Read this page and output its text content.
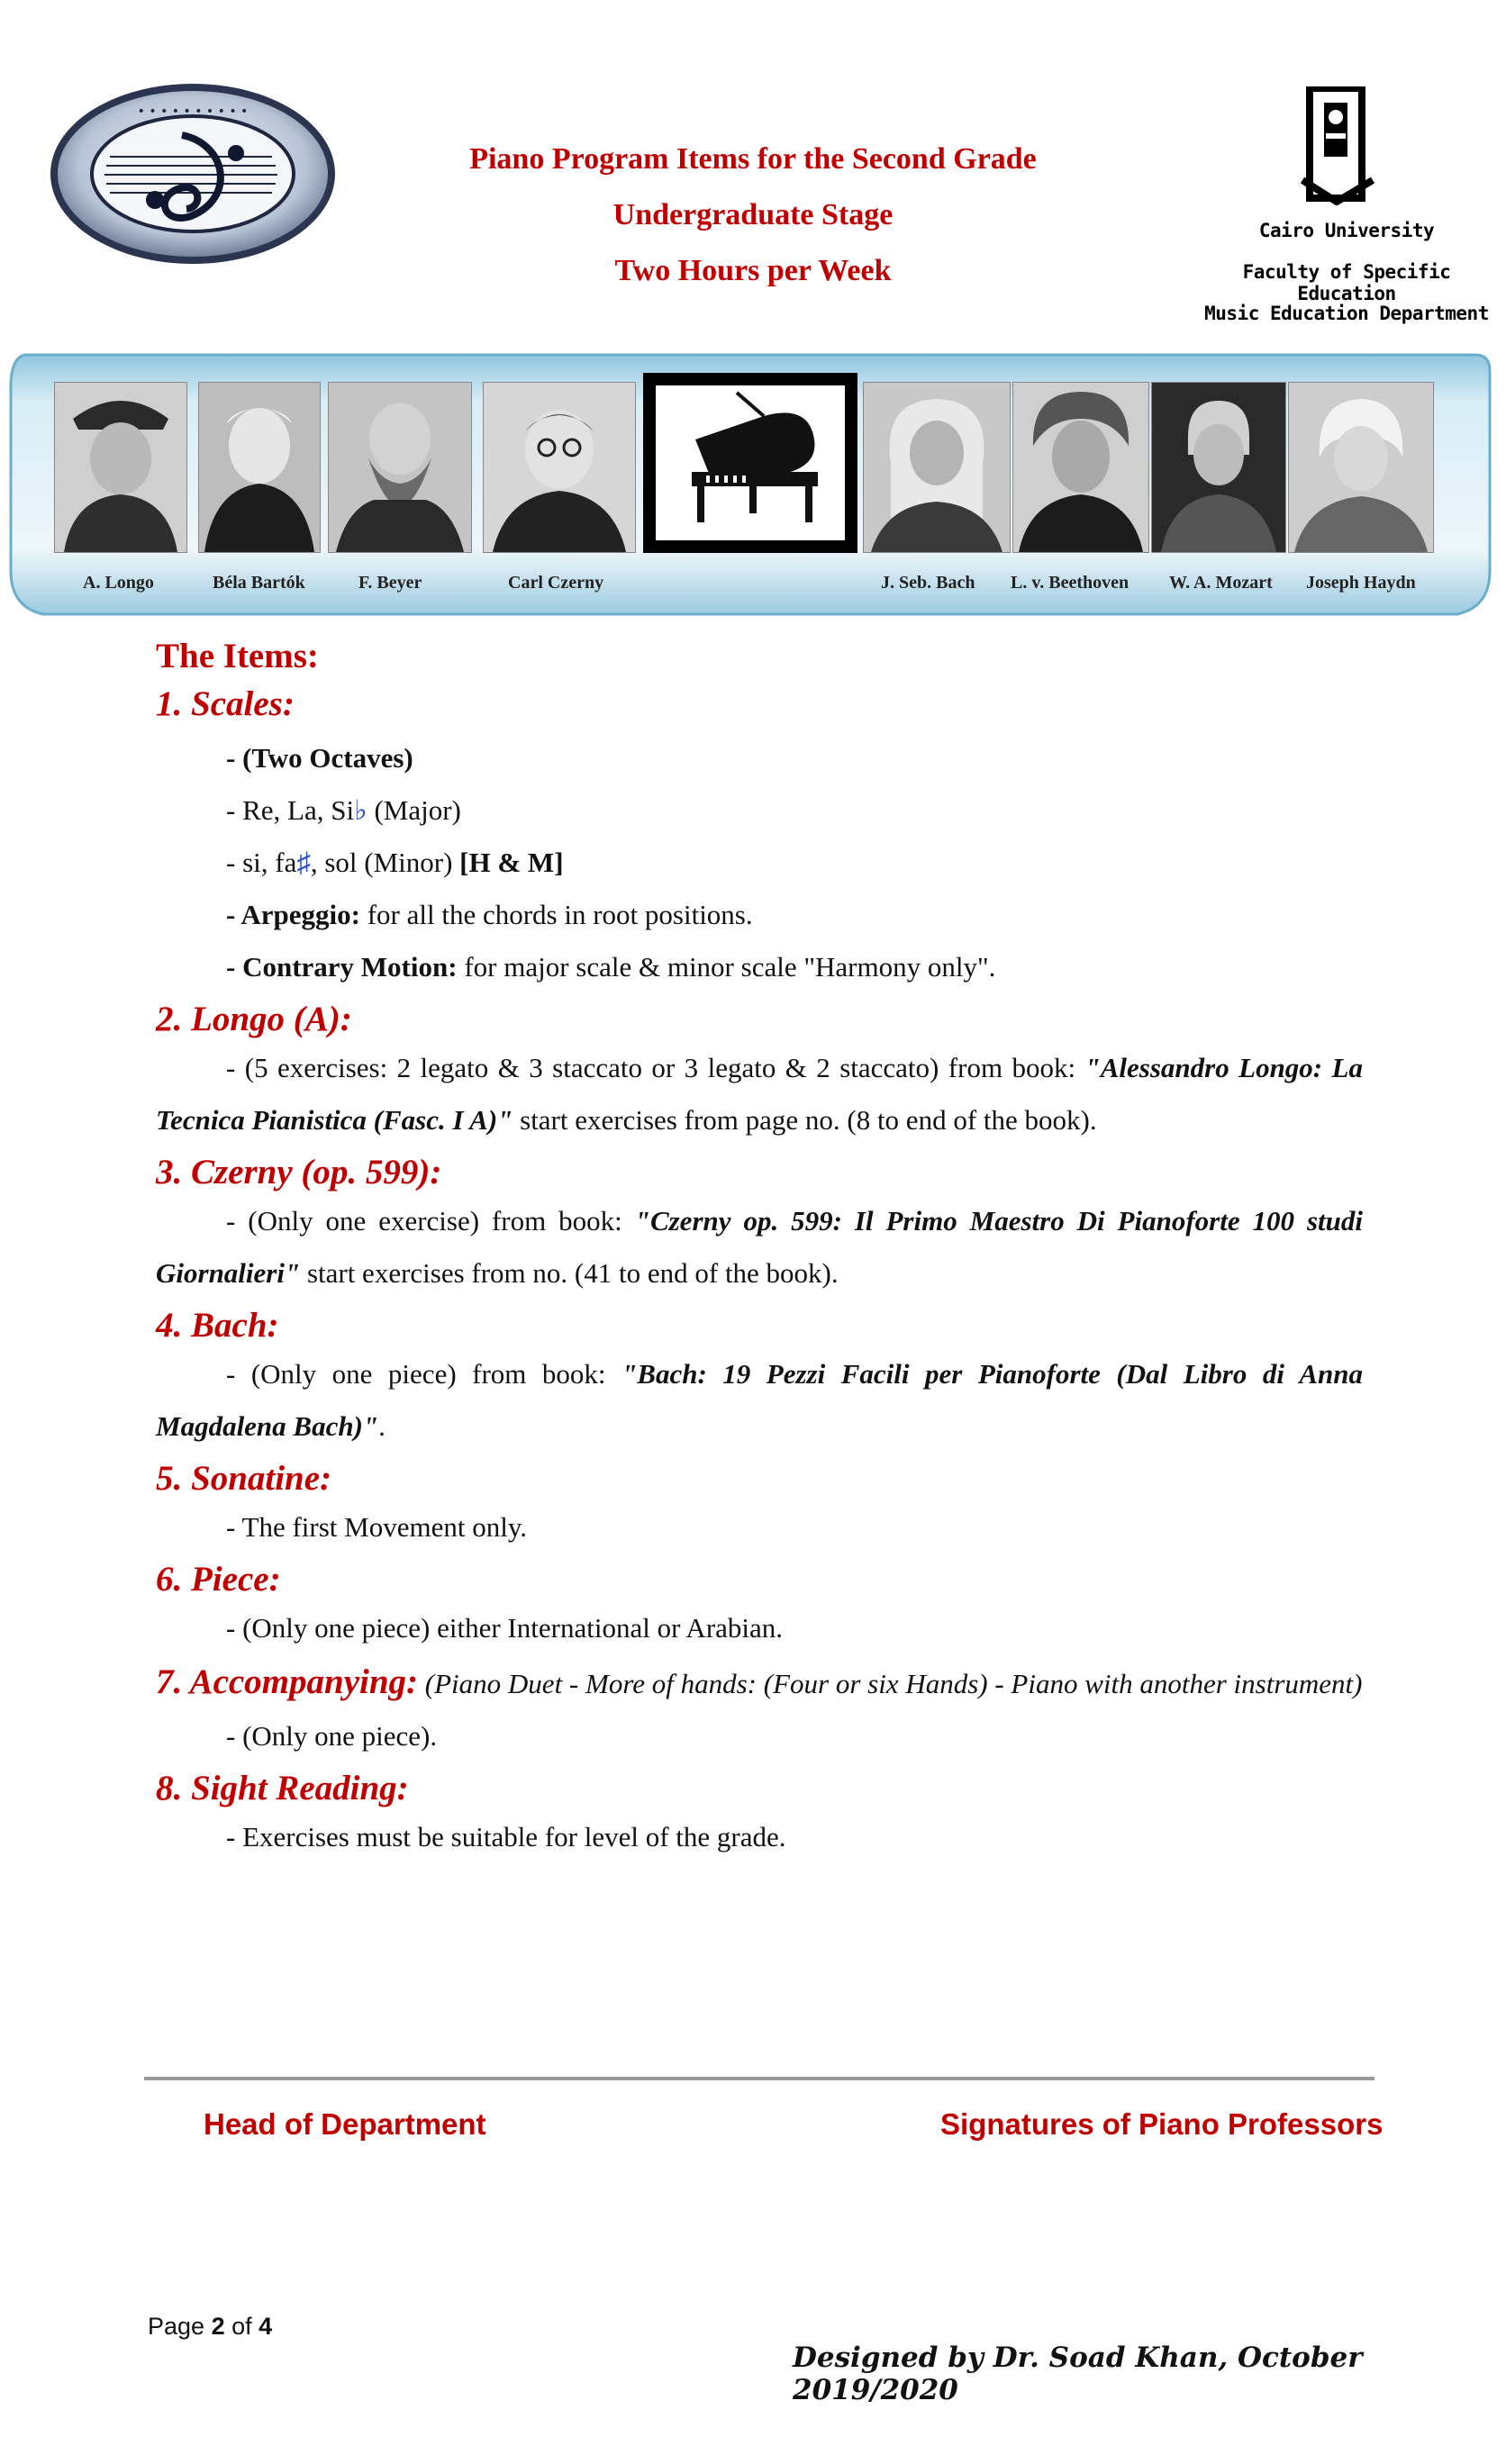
• • • • • • • • • •
Piano Program Items for the Second Grade
Undergraduate Stage
Two Hours per Week
Cairo University
Faculty of Specific Education
Music Education Department
A. Longo	Béla Bartók	F. Beyer	Carl Czerny	J. Seb. Bach L. v. Beethoven W. A. Mozart Joseph Haydn
The Items:
1. Scales:
- (Two Octaves)
- Re, La, Si♭ (Major)
- si, fa♯, sol (Minor) [H & M]
- Arpeggio: for all the chords in root positions.
- Contrary Motion: for major scale & minor scale "Harmony only".
2. Longo (A):
- (5 exercises: 2 legato & 3 staccato or 3 legato & 2 staccato) from book: "Alessandro Longo: La Tecnica Pianistica (Fasc. I A)" start exercises from page no. (8 to end of the book).
3. Czerny (op. 599):
- (Only one exercise) from book: "Czerny op. 599: Il Primo Maestro Di Pianoforte 100 studi Giornalieri" start exercises from no. (41 to end of the book).
4. Bach:
- (Only one piece) from book: "Bach: 19 Pezzi Facili per Pianoforte (Dal Libro di Anna Magdalena Bach)".
5. Sonatine:
- The first Movement only.
6. Piece:
- (Only one piece) either International or Arabian.
7. Accompanying: (Piano Duet - More of hands: (Four or six Hands) - Piano with another instrument)
- (Only one piece).
8. Sight Reading:
- Exercises must be suitable for level of the grade.
Head of Department	Signatures of Piano Professors
Page 2 of 4
Designed by Dr. Soad Khan, October 2019/2020
